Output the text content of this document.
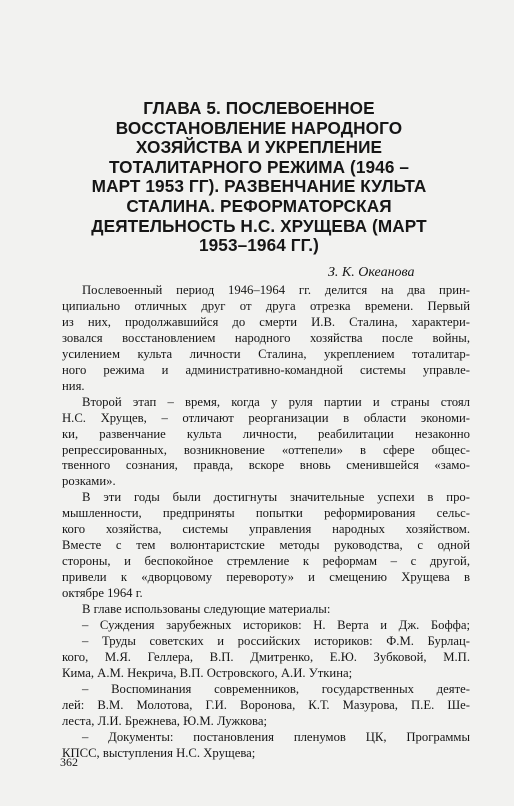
ГЛАВА 5. ПОСЛЕВОЕННОЕ
ВОССТАНОВЛЕНИЕ НАРОДНОГО
ХОЗЯЙСТВА И УКРЕПЛЕНИЕ
ТОТАЛИТАРНОГО РЕЖИМА (1946 –
МАРТ 1953 ГГ). РАЗВЕНЧАНИЕ КУЛЬТА
СТАЛИНА. РЕФОРМАТОРСКАЯ
ДЕЯТЕЛЬНОСТЬ Н.С. ХРУЩЕВА (МАРТ
1953–1964 ГГ.)
З. К. Океанова
Послевоенный период 1946–1964 гг. делится на два прин-
ципиально отличных друг от друга отрезка времени. Первый
из них, продолжавшийся до смерти И.В. Сталина, характери-
зовался восстановлением народного хозяйства после войны,
усилением культа личности Сталина, укреплением тоталитар-
ного режима и административно-командной системы управле-
ния.
Второй этап – время, когда у руля партии и страны стоял
Н.С. Хрущев, – отличают реорганизации в области экономи-
ки, развенчание культа личности, реабилитации незаконно
репрессированных, возникновение «оттепели» в сфере общес-
твенного сознания, правда, вскоре вновь сменившейся «замо-
розками».
В эти годы были достигнуты значительные успехи в про-
мышленности, предприняты попытки реформирования сельс-
кого хозяйства, системы управления народных хозяйством.
Вместе с тем волюнтаристские методы руководства, с одной
стороны, и беспокойное стремление к реформам – с другой,
привели к «дворцовому перевороту» и смещению Хрущева в
октябре 1964 г.
В главе использованы следующие материалы:
– Суждения зарубежных историков: Н. Верта и Дж. Боффа;
– Труды советских и российских историков: Ф.М. Бурлац-
кого, М.Я. Геллера, В.П. Дмитренко, Е.Ю. Зубковой, М.П.
Кима, А.М. Некрича, В.П. Островского, А.И. Уткина;
– Воспоминания современников, государственных деяте-
лей: В.М. Молотова, Г.И. Воронова, К.Т. Мазурова, П.Е. Ше-
леста, Л.И. Брежнева, Ю.М. Лужкова;
– Документы: постановления пленумов ЦК, Программы
КПСС, выступления Н.С. Хрущева;
362
